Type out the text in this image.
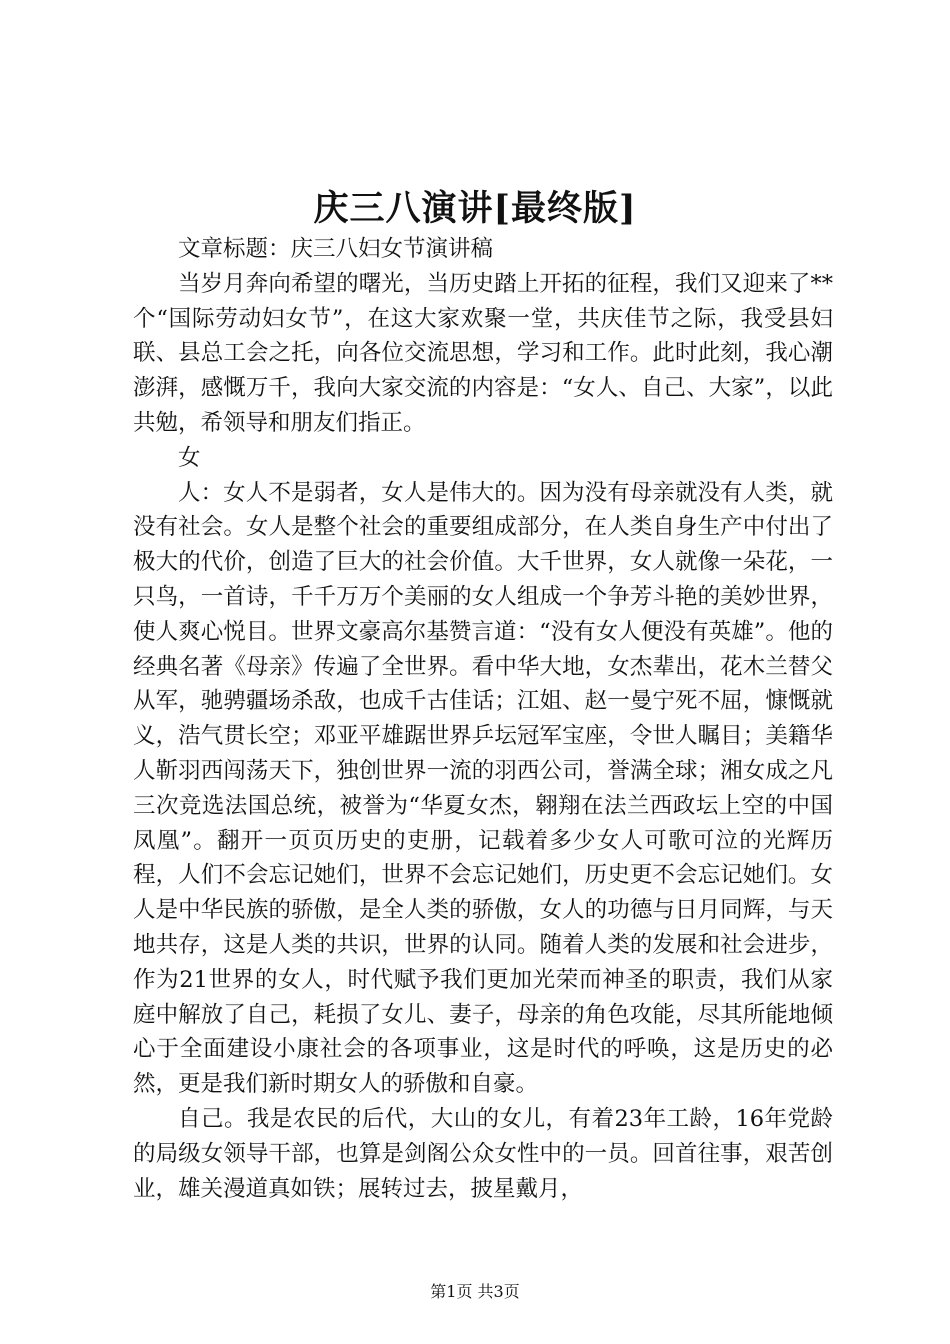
庆三八演讲[最终版]

文章标题：庆三八妇女节演讲稿

当岁月奔向希望的曙光，当历史踏上开拓的征程，我们又迎来了**个“国际劳动妇女节”，在这大家欢聚一堂，共庆佳节之际，我受县妇联、县总工会之托，向各位交流思想，学习和工作。此时此刻，我心潮澎湃，感慨万千，我向大家交流的内容是：“女人、自己、大家”，以此共勉，希领导和朋友们指正。

女

人：女人不是弱者，女人是伟大的。因为没有母亲就没有人类，就没有社会。女人是整个社会的重要组成部分，在人类自身生产中付出了极大的代价，创造了巨大的社会价值。大千世界，女人就像一朵花，一只鸟，一首诗，千千万万个美丽的女人组成一个争芳斗艳的美妙世界，使人爽心悦目。世界文豪高尔基赞言道：“没有女人便没有英雄”。他的经典名著《母亲》传遍了全世界。看中华大地，女杰辈出，花木兰替父从军，驰骋疆场杀敌，也成千古佳话；江姐、赵一曼宁死不屈，慷慨就义，浩气贯长空；邓亚平雄踞世界乒坛冠军宝座，令世人瞩目；美籍华人靳羽西闯荡天下，独创世界一流的羽西公司，誉满全球；湘女成之凡三次竞选法国总统，被誉为“华夏女杰，翱翔在法兰西政坛上空的中国凤凰”。翻开一页页历史的吏册，记载着多少女人可歌可泣的光辉历程，人们不会忘记她们，世界不会忘记她们，历史更不会忘记她们。女人是中华民族的骄傲，是全人类的骄傲，女人的功德与日月同辉，与天地共存，这是人类的共识，世界的认同。随着人类的发展和社会进步，作为21世界的女人，时代赋予我们更加光荣而神圣的职责，我们从家庭中解放了自己，耗损了女儿、妻子，母亲的角色攻能，尽其所能地倾心于全面建设小康社会的各项事业，这是时代的呼唤，这是历史的必然，更是我们新时期女人的骄傲和自豪。

自己。我是农民的后代，大山的女儿，有着23年工龄，16年党龄的局级女领导干部，也算是剑阁公众女性中的一员。回首往事，艰苦创业，雄关漫道真如铁；展转过去，披星戴月，

第1页 共3页
